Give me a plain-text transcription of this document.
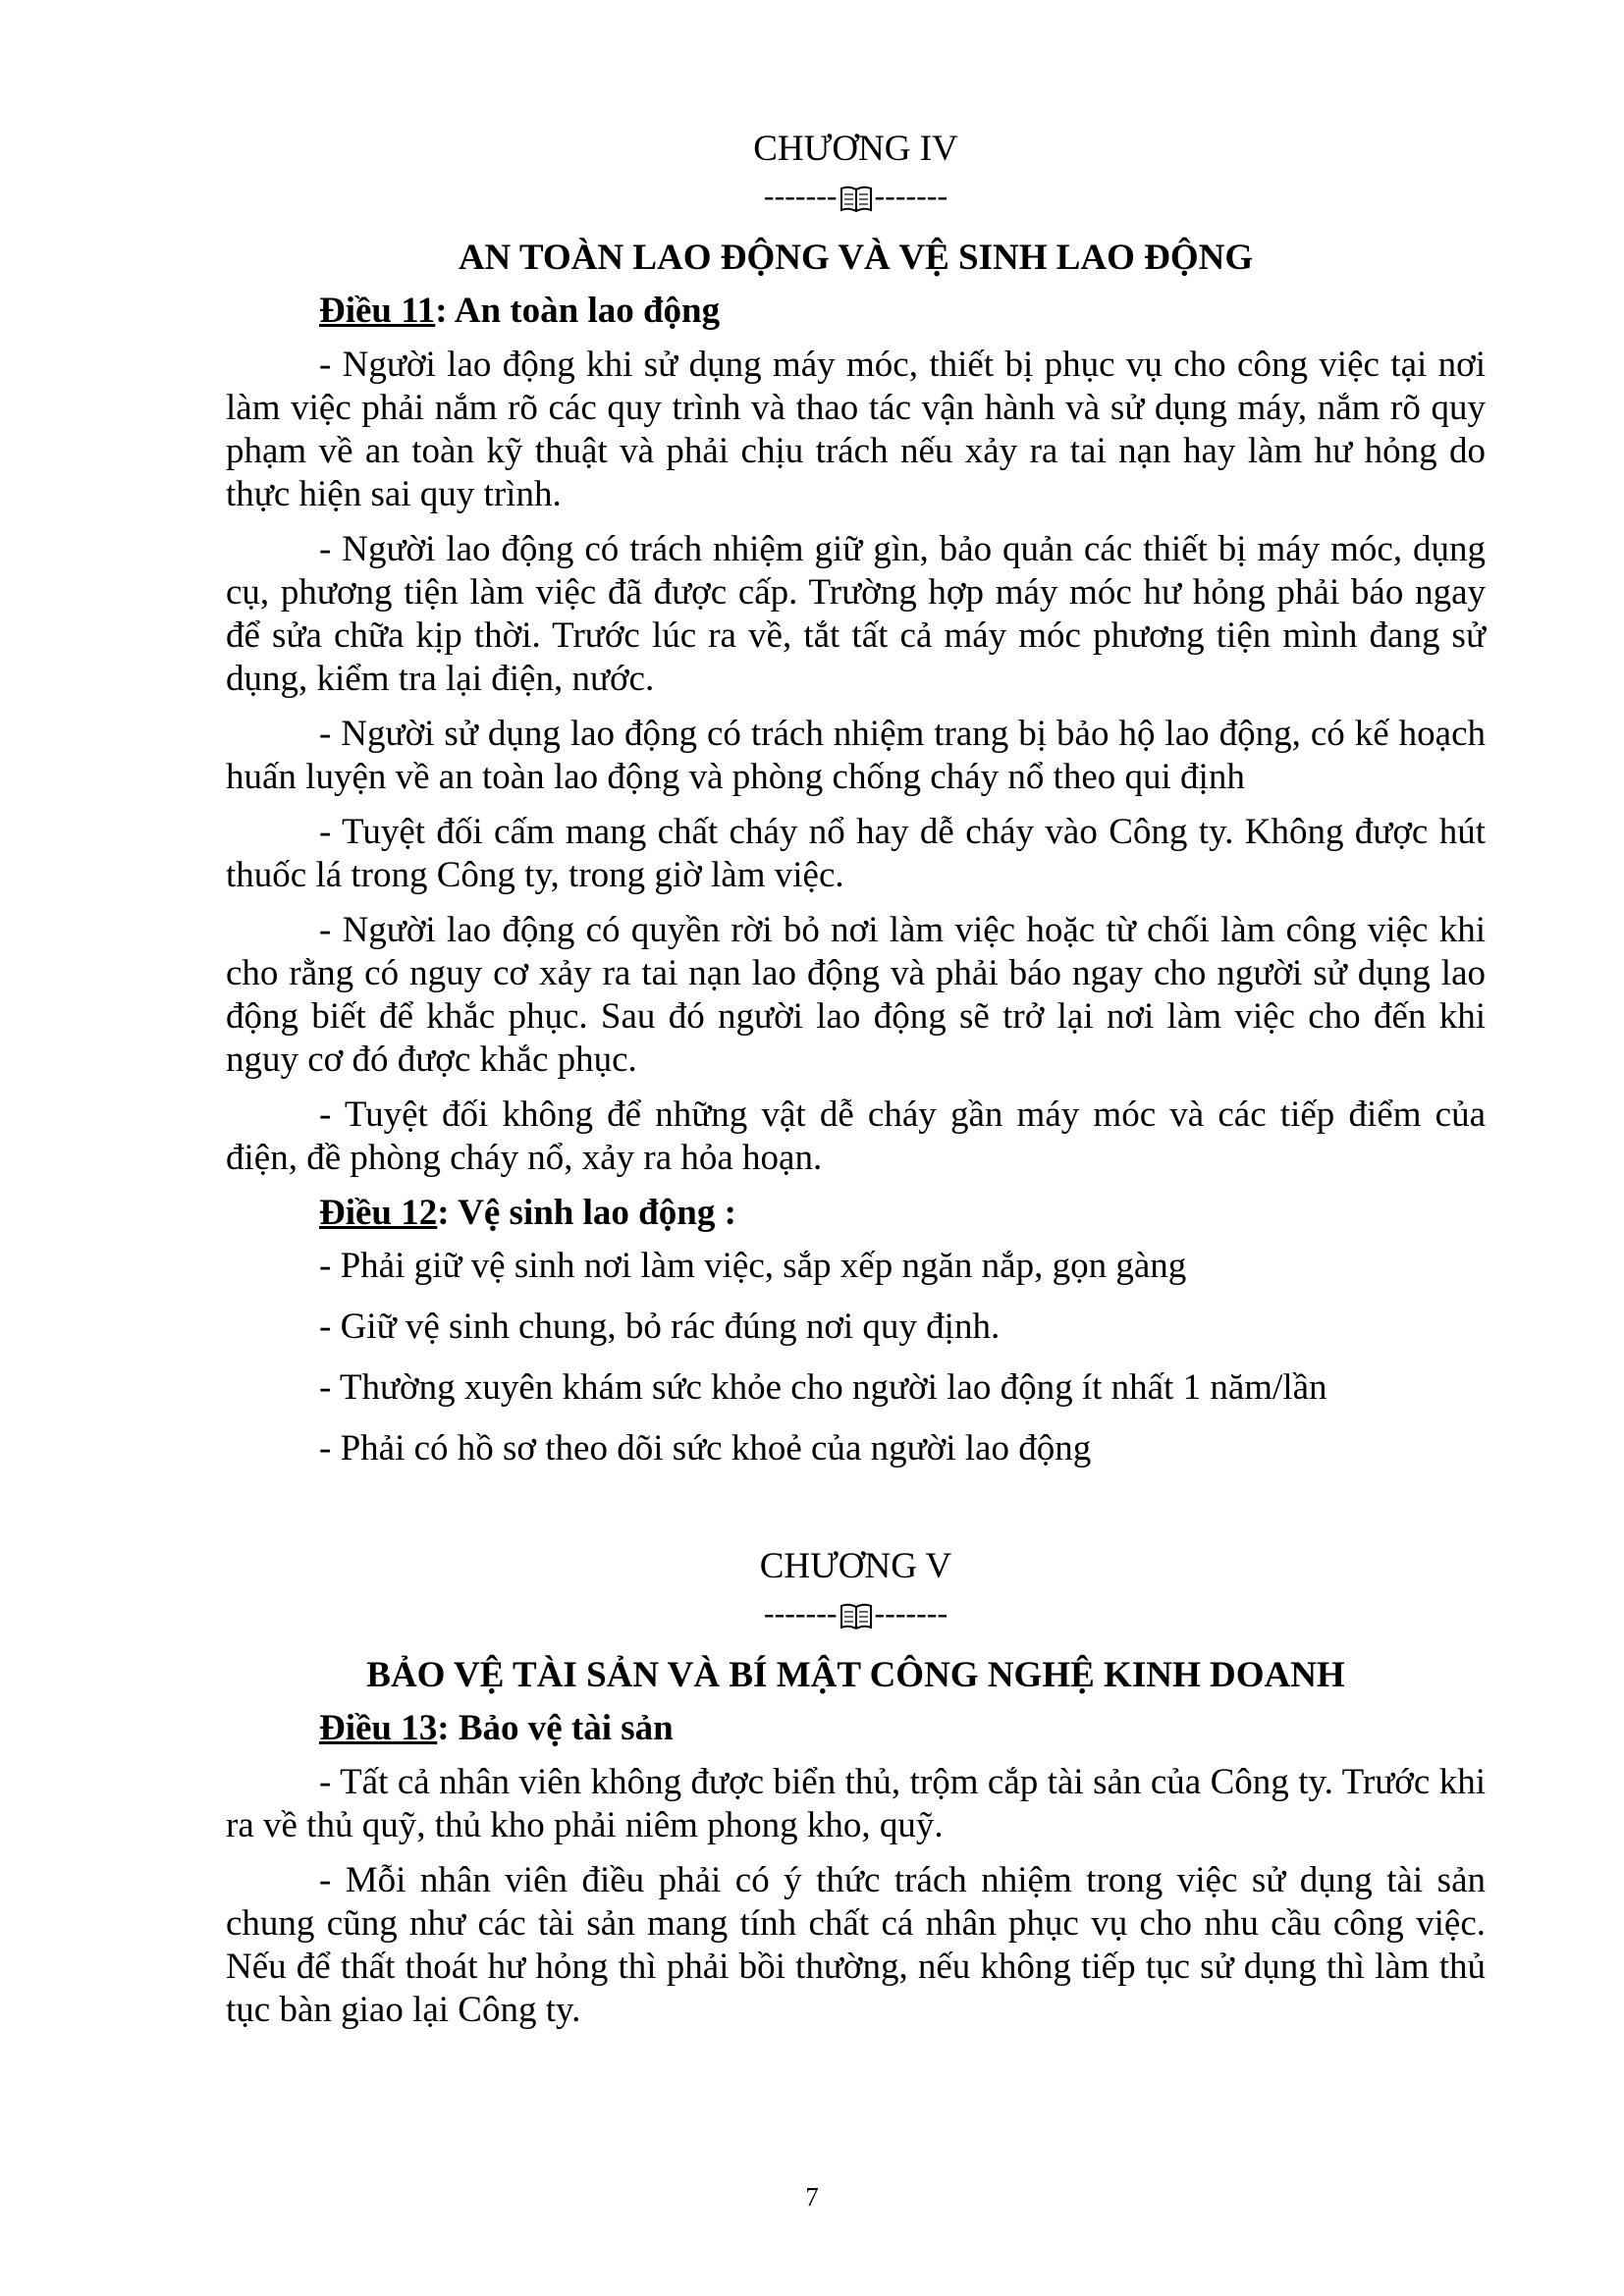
CHƯƠNG IV

------- -------

AN TOÀN LAO ĐỘNG VÀ VỆ SINH LAO ĐỘNG

Điều 11: An toàn lao động

- Người lao động khi sử dụng máy móc, thiết bị phục vụ cho công việc tại nơi làm việc phải nắm rõ các quy trình và thao tác vận hành và sử dụng máy, nắm rõ quy phạm về an toàn kỹ thuật và phải chịu trách nếu xảy ra tai nạn hay làm hư hỏng do thực hiện sai quy trình.

- Người lao động có trách nhiệm giữ gìn, bảo quản các thiết bị máy móc, dụng cụ, phương tiện làm việc đã được cấp. Trường hợp máy móc hư hỏng phải báo ngay để sửa chữa kịp thời. Trước lúc ra về, tắt tất cả máy móc phương tiện mình đang sử dụng, kiểm tra lại điện, nước.

- Người sử dụng lao động có trách nhiệm trang bị bảo hộ lao động, có kế hoạch huấn luyện về an toàn lao động và phòng chống cháy nổ theo qui định

- Tuyệt đối cấm mang chất cháy nổ hay dễ cháy vào Công ty. Không được hút thuốc lá trong Công ty, trong giờ làm việc.

- Người lao động có quyền rời bỏ nơi làm việc hoặc từ chối làm công việc khi cho rằng có nguy cơ xảy ra tai nạn lao động và phải báo ngay cho người sử dụng lao động biết để khắc phục. Sau đó người lao động sẽ trở lại nơi làm việc cho đến khi nguy cơ đó được khắc phục.

- Tuyệt đối không để những vật dễ cháy gần máy móc và các tiếp điểm của điện, đề phòng cháy nổ, xảy ra hỏa hoạn.

Điều 12: Vệ sinh lao động :

- Phải giữ vệ sinh nơi làm việc, sắp xếp ngăn nắp, gọn gàng

- Giữ vệ sinh chung, bỏ rác đúng nơi quy định.

- Thường xuyên khám sức khỏe cho người lao động ít nhất 1 năm/lần

- Phải có hồ sơ theo dõi sức khoẻ của người lao động

CHƯƠNG V

------- -------

BẢO VỆ TÀI SẢN VÀ BÍ MẬT CÔNG NGHỆ KINH DOANH

Điều 13: Bảo vệ tài sản

- Tất cả nhân viên không được biển thủ, trộm cắp tài sản của Công ty. Trước khi ra về thủ quỹ, thủ kho phải niêm phong kho, quỹ.

- Mỗi nhân viên điều phải có ý thức trách nhiệm trong việc sử dụng tài sản chung cũng như các tài sản mang tính chất cá nhân phục vụ cho nhu cầu công việc. Nếu để thất thoát hư hỏng thì phải bồi thường, nếu không tiếp tục sử dụng thì làm thủ tục bàn giao lại Công ty.

7
